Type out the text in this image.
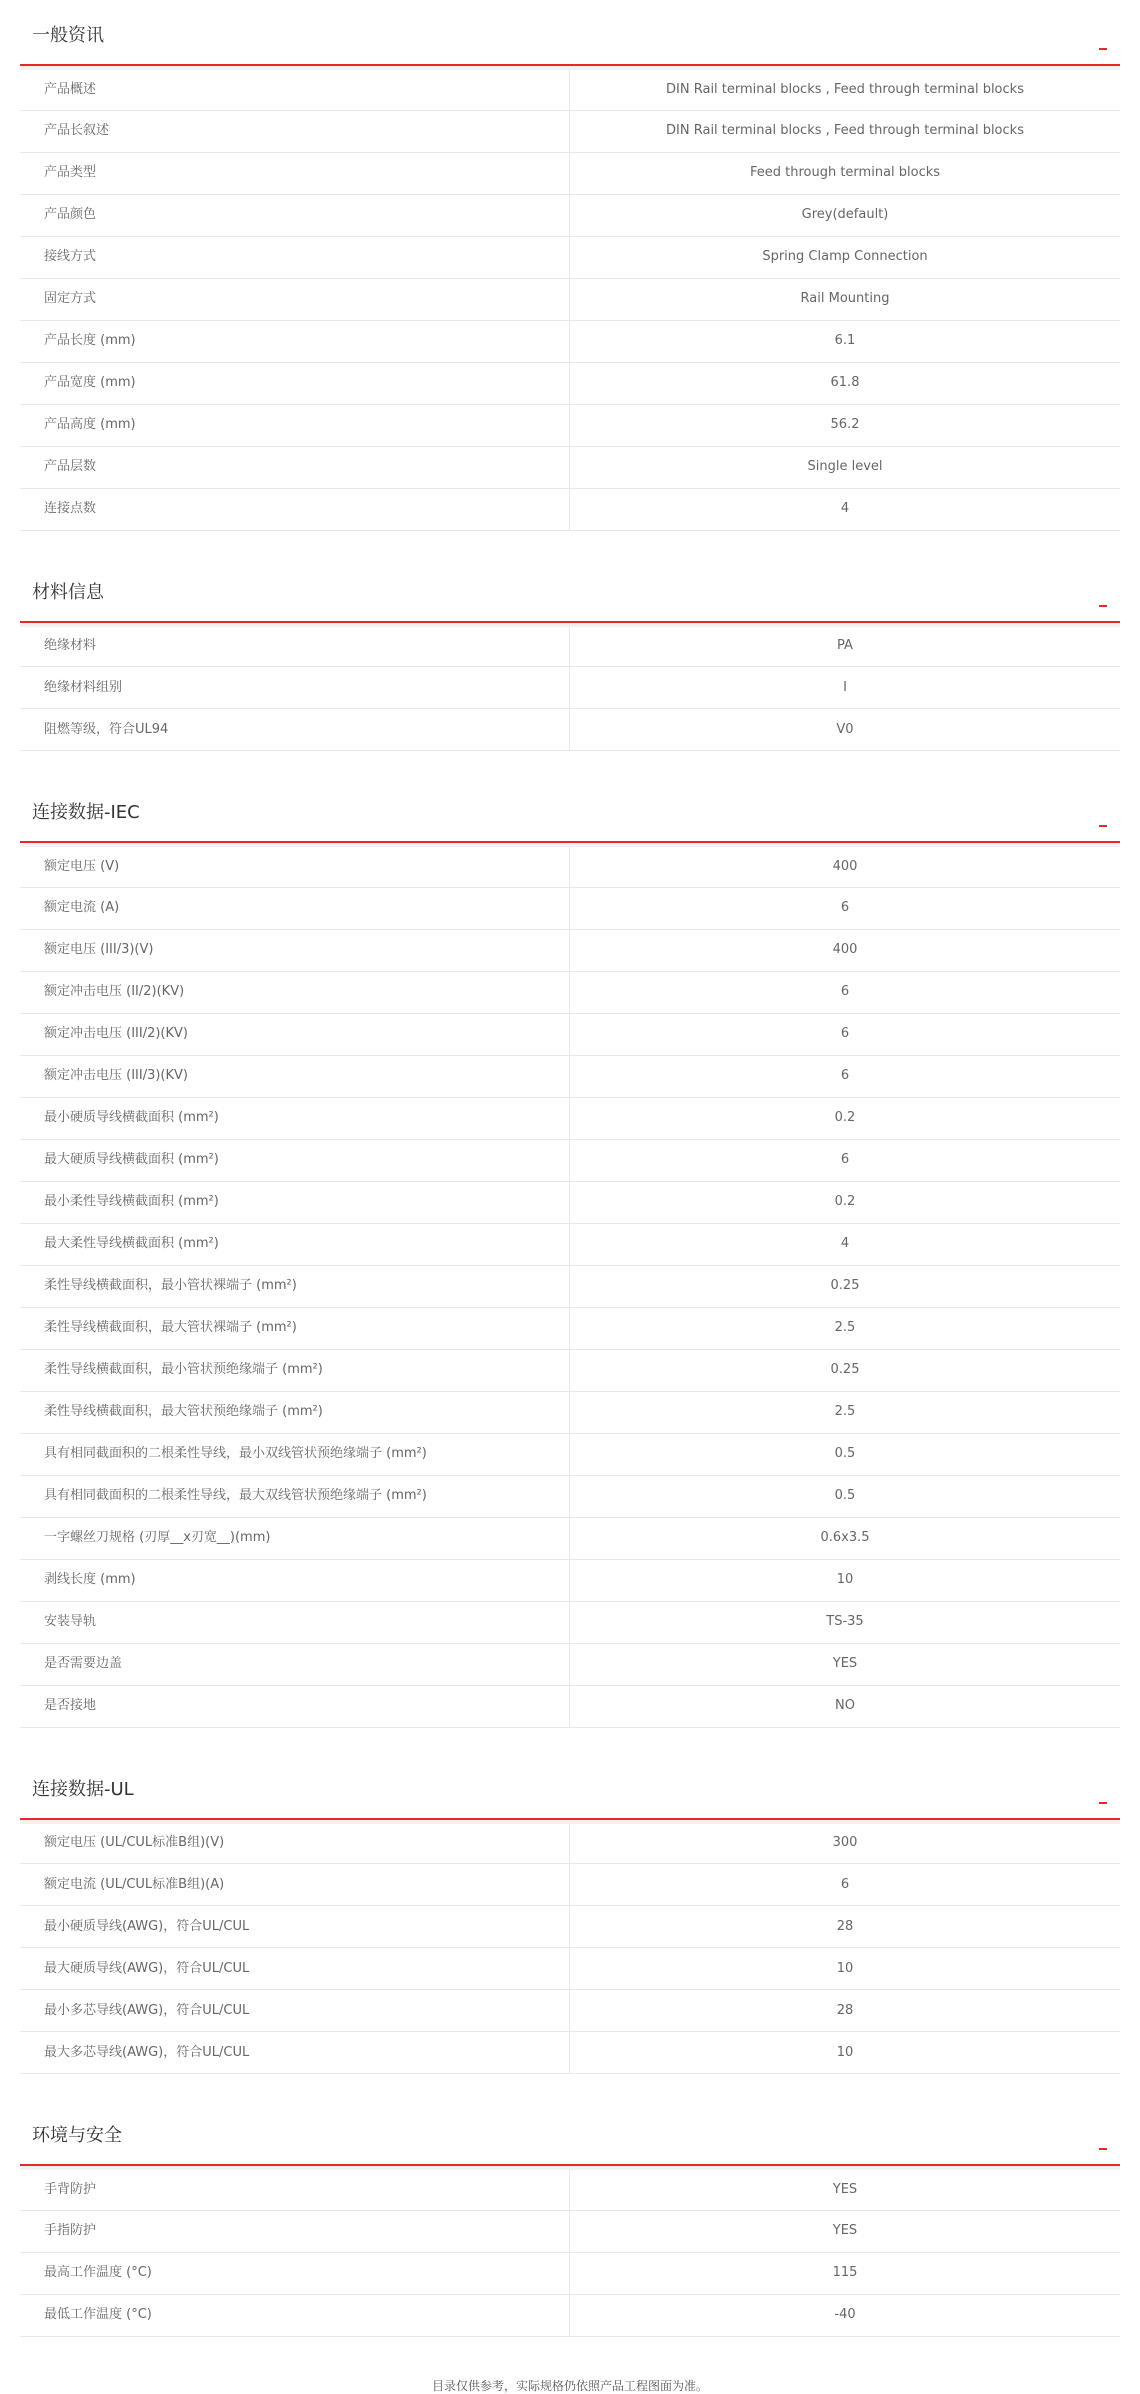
一般资讯
产品概述	DIN Rail terminal blocks , Feed through terminal blocks
产品长叙述	DIN Rail terminal blocks , Feed through terminal blocks
产品类型	Feed through terminal blocks
产品颜色	Grey(default)
接线方式	Spring Clamp Connection
固定方式	Rail Mounting
产品长度 (mm)	6.1
产品宽度 (mm)	61.8
产品高度 (mm)	56.2
产品层数	Single level
连接点数	4
材料信息
绝缘材料	PA
绝缘材料组别	I
阻燃等级，符合UL94	V0
连接数据-IEC
额定电压 (V)	400
额定电流 (A)	6
额定电压 (III/3)(V)	400
额定冲击电压 (II/2)(KV)	6
额定冲击电压 (III/2)(KV)	6
额定冲击电压 (III/3)(KV)	6
最小硬质导线横截面积 (mm²)	0.2
最大硬质导线横截面积 (mm²)	6
最小柔性导线横截面积 (mm²)	0.2
最大柔性导线横截面积 (mm²)	4
柔性导线横截面积，最小管状裸端子 (mm²)	0.25
柔性导线横截面积，最大管状裸端子 (mm²)	2.5
柔性导线横截面积，最小管状预绝缘端子 (mm²)	0.25
柔性导线横截面积，最大管状预绝缘端子 (mm²)	2.5
具有相同截面积的二根柔性导线，最小双线管状预绝缘端子 (mm²)	0.5
具有相同截面积的二根柔性导线，最大双线管状预绝缘端子 (mm²)	0.5
一字螺丝刀规格 (刃厚__x刃宽__)(mm)	0.6x3.5
剥线长度 (mm)	10
安装导轨	TS-35
是否需要边盖	YES
是否接地	NO
连接数据-UL
额定电压 (UL/CUL标准B组)(V)	300
额定电流 (UL/CUL标准B组)(A)	6
最小硬质导线(AWG)，符合UL/CUL	28
最大硬质导线(AWG)，符合UL/CUL	10
最小多芯导线(AWG)，符合UL/CUL	28
最大多芯导线(AWG)，符合UL/CUL	10
环境与安全
手背防护	YES
手指防护	YES
最高工作温度 (°C)	115
最低工作温度 (°C)	-40
目录仅供参考，实际规格仍依照产品工程图面为准。
